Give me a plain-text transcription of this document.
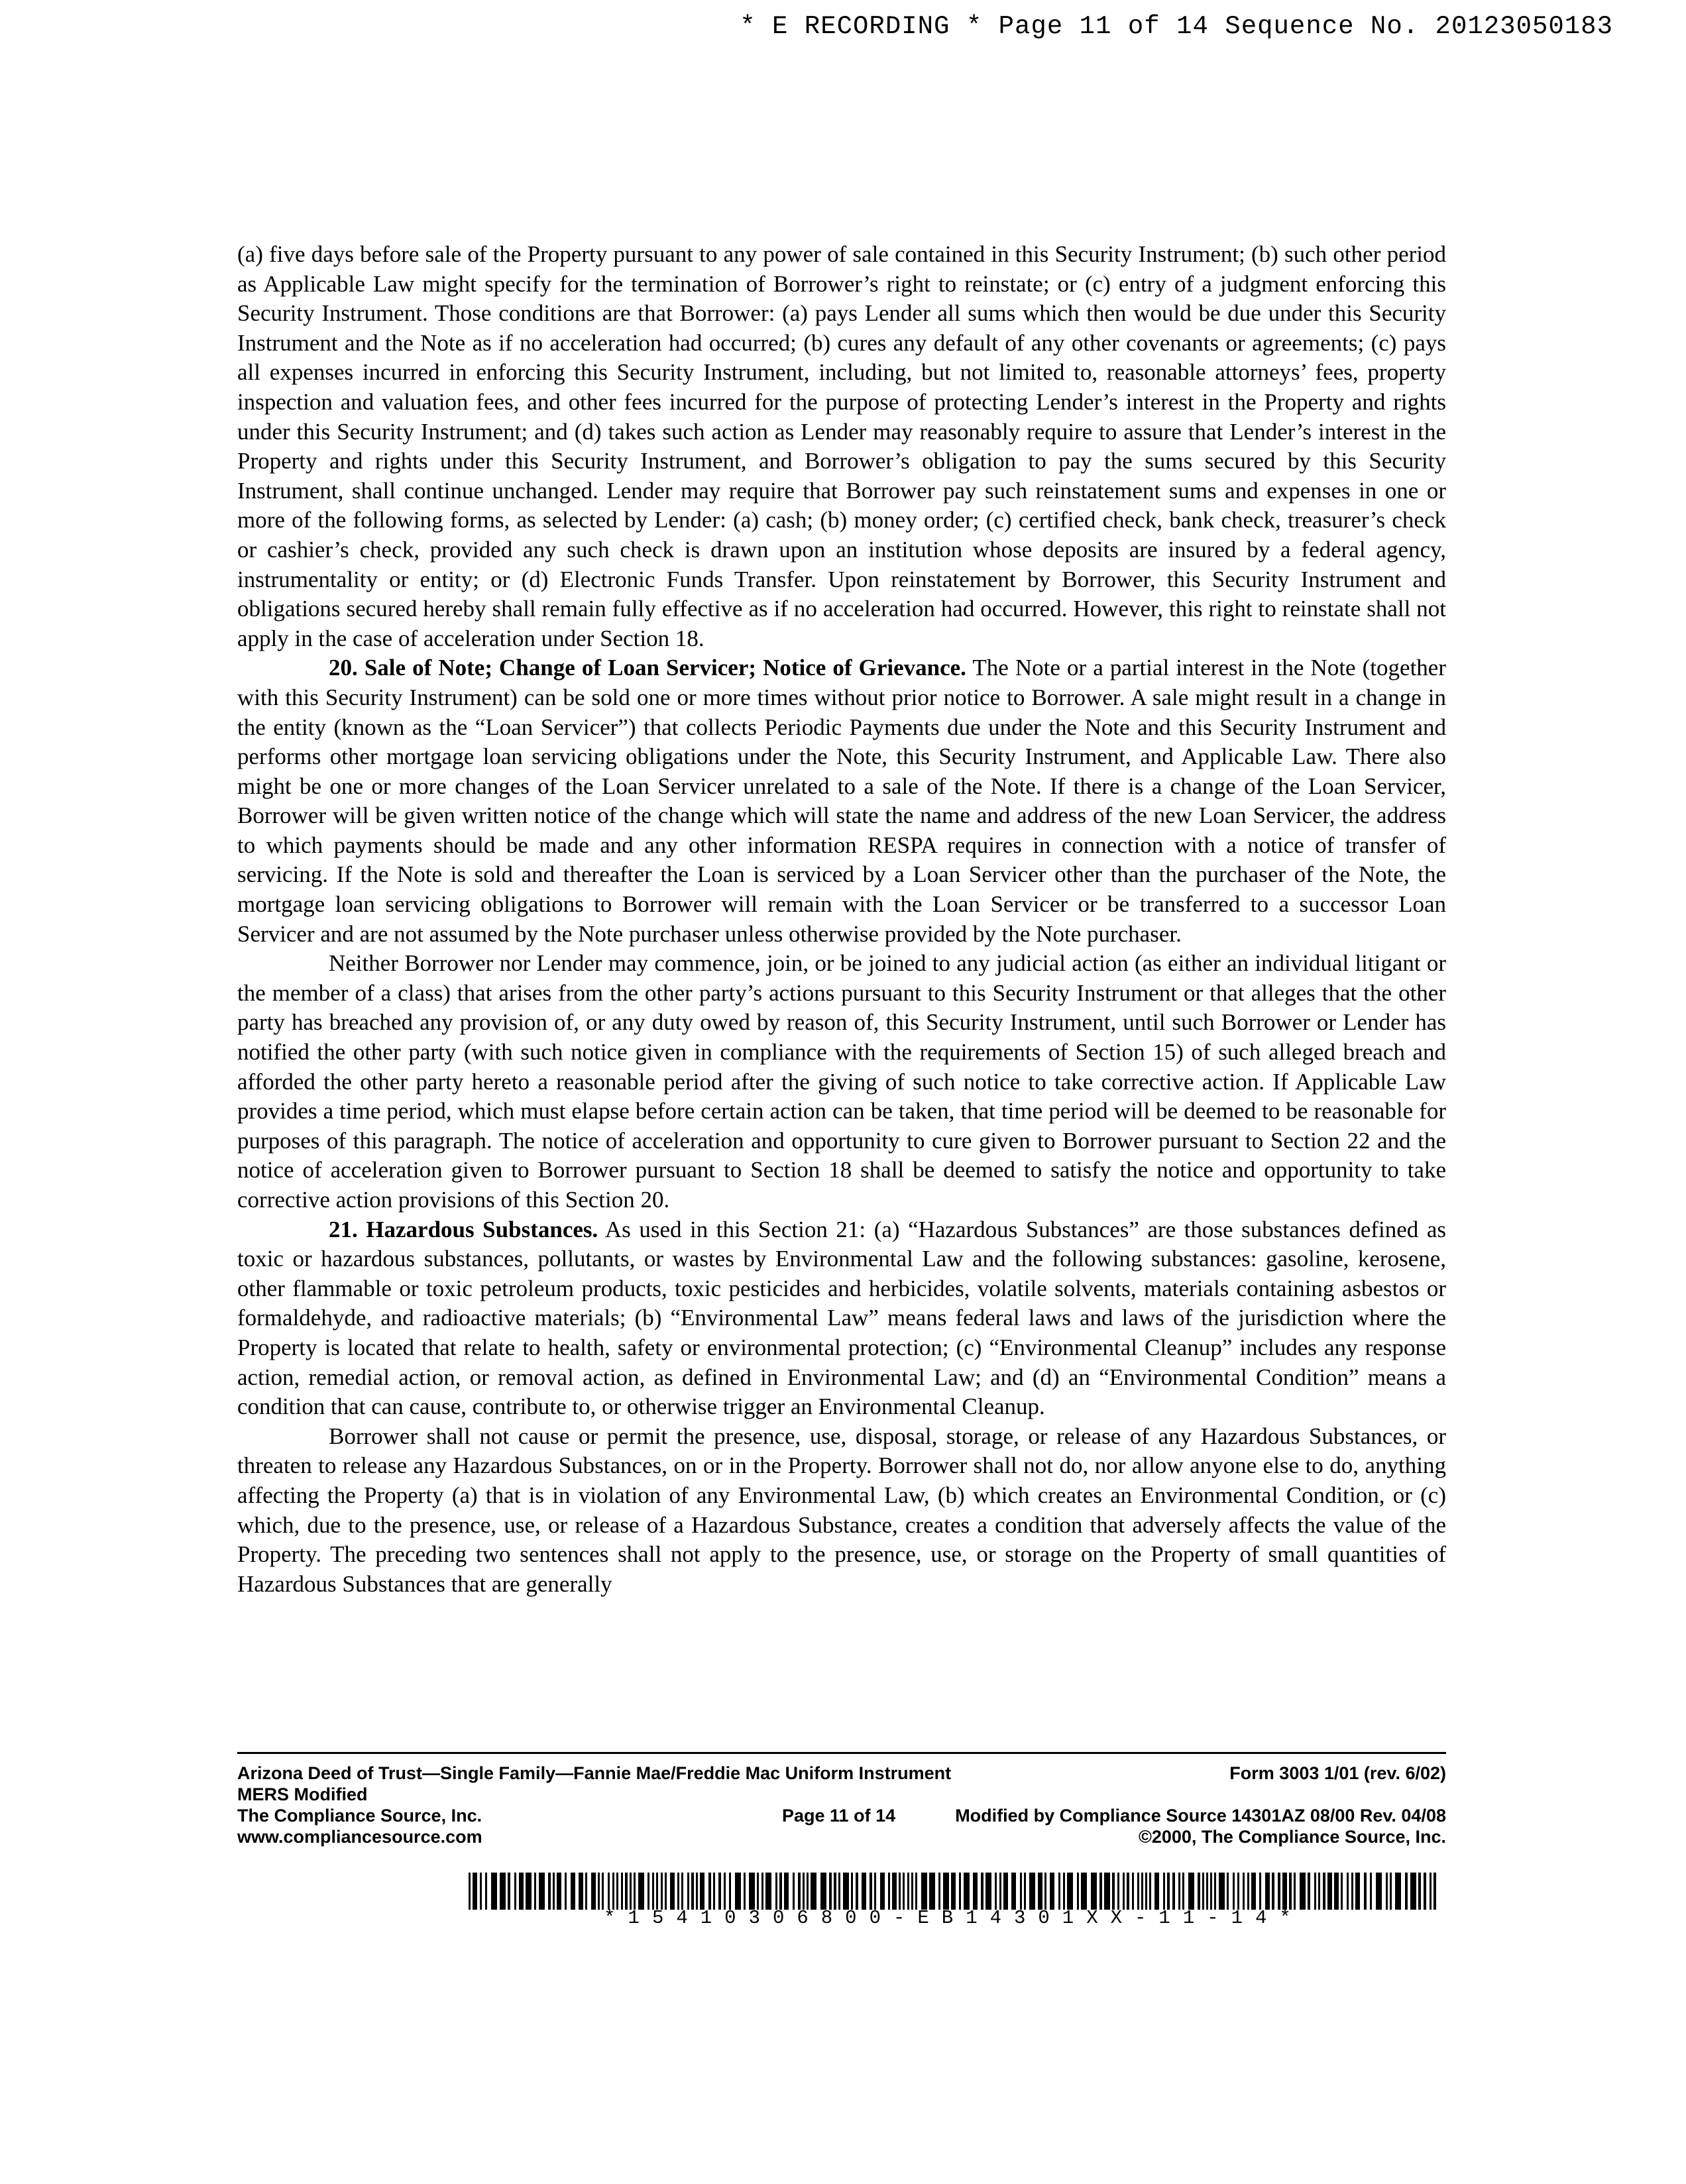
* E RECORDING * Page 11 of 14 Sequence No. 20123050183

(a) five days before sale of the Property pursuant to any power of sale contained in this Security Instrument; (b) such other period as Applicable Law might specify for the termination of Borrower’s right to reinstate; or (c) entry of a judgment enforcing this Security Instrument. Those conditions are that Borrower: (a) pays Lender all sums which then would be due under this Security Instrument and the Note as if no acceleration had occurred; (b) cures any default of any other covenants or agreements; (c) pays all expenses incurred in enforcing this Security Instrument, including, but not limited to, reasonable attorneys’ fees, property inspection and valuation fees, and other fees incurred for the purpose of protecting Lender’s interest in the Property and rights under this Security Instrument; and (d) takes such action as Lender may reasonably require to assure that Lender’s interest in the Property and rights under this Security Instrument, and Borrower’s obligation to pay the sums secured by this Security Instrument, shall continue unchanged. Lender may require that Borrower pay such reinstatement sums and expenses in one or more of the following forms, as selected by Lender: (a) cash; (b) money order; (c) certified check, bank check, treasurer’s check or cashier’s check, provided any such check is drawn upon an institution whose deposits are insured by a federal agency, instrumentality or entity; or (d) Electronic Funds Transfer. Upon reinstatement by Borrower, this Security Instrument and obligations secured hereby shall remain fully effective as if no acceleration had occurred. However, this right to reinstate shall not apply in the case of acceleration under Section 18.

20. Sale of Note; Change of Loan Servicer; Notice of Grievance. The Note or a partial interest in the Note (together with this Security Instrument) can be sold one or more times without prior notice to Borrower. A sale might result in a change in the entity (known as the “Loan Servicer”) that collects Periodic Payments due under the Note and this Security Instrument and performs other mortgage loan servicing obligations under the Note, this Security Instrument, and Applicable Law. There also might be one or more changes of the Loan Servicer unrelated to a sale of the Note. If there is a change of the Loan Servicer, Borrower will be given written notice of the change which will state the name and address of the new Loan Servicer, the address to which payments should be made and any other information RESPA requires in connection with a notice of transfer of servicing. If the Note is sold and thereafter the Loan is serviced by a Loan Servicer other than the purchaser of the Note, the mortgage loan servicing obligations to Borrower will remain with the Loan Servicer or be transferred to a successor Loan Servicer and are not assumed by the Note purchaser unless otherwise provided by the Note purchaser.

Neither Borrower nor Lender may commence, join, or be joined to any judicial action (as either an individual litigant or the member of a class) that arises from the other party’s actions pursuant to this Security Instrument or that alleges that the other party has breached any provision of, or any duty owed by reason of, this Security Instrument, until such Borrower or Lender has notified the other party (with such notice given in compliance with the requirements of Section 15) of such alleged breach and afforded the other party hereto a reasonable period after the giving of such notice to take corrective action. If Applicable Law provides a time period, which must elapse before certain action can be taken, that time period will be deemed to be reasonable for purposes of this paragraph. The notice of acceleration and opportunity to cure given to Borrower pursuant to Section 22 and the notice of acceleration given to Borrower pursuant to Section 18 shall be deemed to satisfy the notice and opportunity to take corrective action provisions of this Section 20.

21. Hazardous Substances. As used in this Section 21: (a) “Hazardous Substances” are those substances defined as toxic or hazardous substances, pollutants, or wastes by Environmental Law and the following substances: gasoline, kerosene, other flammable or toxic petroleum products, toxic pesticides and herbicides, volatile solvents, materials containing asbestos or formaldehyde, and radioactive materials; (b) “Environmental Law” means federal laws and laws of the jurisdiction where the Property is located that relate to health, safety or environmental protection; (c) “Environmental Cleanup” includes any response action, remedial action, or removal action, as defined in Environmental Law; and (d) an “Environmental Condition” means a condition that can cause, contribute to, or otherwise trigger an Environmental Cleanup.

Borrower shall not cause or permit the presence, use, disposal, storage, or release of any Hazardous Substances, or threaten to release any Hazardous Substances, on or in the Property. Borrower shall not do, nor allow anyone else to do, anything affecting the Property (a) that is in violation of any Environmental Law, (b) which creates an Environmental Condition, or (c) which, due to the presence, use, or release of a Hazardous Substance, creates a condition that adversely affects the value of the Property. The preceding two sentences shall not apply to the presence, use, or storage on the Property of small quantities of Hazardous Substances that are generally

Arizona Deed of Trust—Single Family—Fannie Mae/Freddie Mac Uniform Instrument
MERS Modified
The Compliance Source, Inc.
www.compliancesource.com
Page 11 of 14
Form 3003 1/01 (rev. 6/02)
Modified by Compliance Source 14301AZ 08/00 Rev. 04/08
©2000, The Compliance Source, Inc.
*15410306800-EB14301XX-11-14*
